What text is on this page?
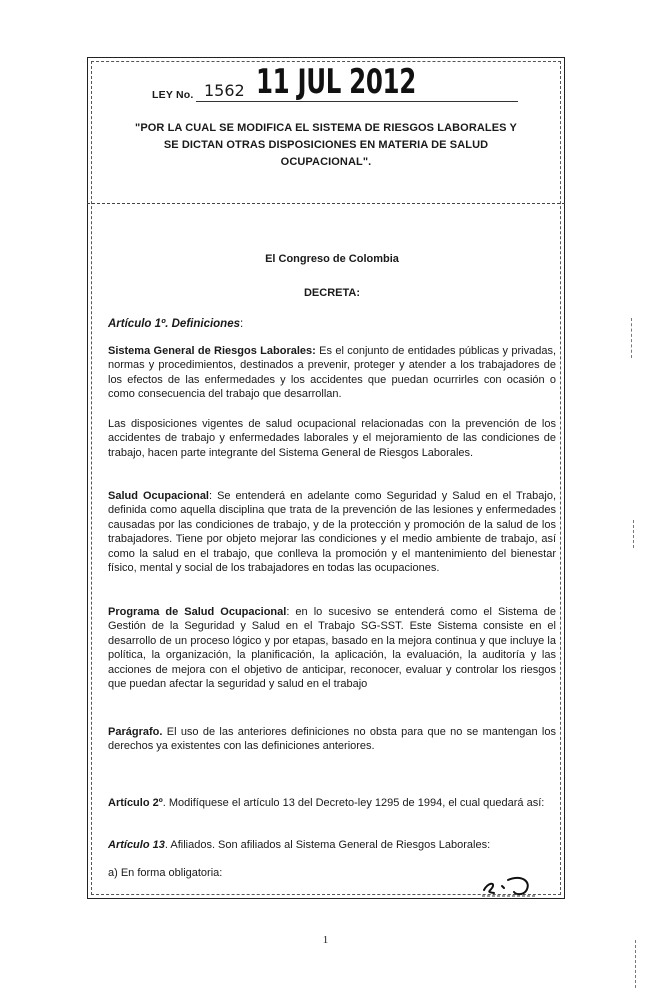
LEY No. 1562 11 JUL 2012
"POR LA CUAL SE MODIFICA EL SISTEMA DE RIESGOS LABORALES Y
SE DICTAN OTRAS DISPOSICIONES EN MATERIA DE SALUD
OCUPACIONAL".
El Congreso de Colombia
DECRETA:
Artículo 1º. Definiciones:
Sistema General de Riesgos Laborales: Es el conjunto de entidades públicas y privadas, normas y procedimientos, destinados a prevenir, proteger y atender a los trabajadores de los efectos de las enfermedades y los accidentes que puedan ocurrirles con ocasión o como consecuencia del trabajo que desarrollan.
Las disposiciones vigentes de salud ocupacional relacionadas con la prevención de los accidentes de trabajo y enfermedades laborales y el mejoramiento de las condiciones de trabajo, hacen parte integrante del Sistema General de Riesgos Laborales.
Salud Ocupacional: Se entenderá en adelante como Seguridad y Salud en el Trabajo, definida como aquella disciplina que trata de la prevención de las lesiones y enfermedades causadas por las condiciones de trabajo, y de la protección y promoción de la salud de los trabajadores. Tiene por objeto mejorar las condiciones y el medio ambiente de trabajo, así como la salud en el trabajo, que conlleva la promoción y el mantenimiento del bienestar físico, mental y social de los trabajadores en todas las ocupaciones.
Programa de Salud Ocupacional: en lo sucesivo se entenderá como el Sistema de Gestión de la Seguridad y Salud en el Trabajo SG-SST. Este Sistema consiste en el desarrollo de un proceso lógico y por etapas, basado en la mejora continua y que incluye la política, la organización, la planificación, la aplicación, la evaluación, la auditoría y las acciones de mejora con el objetivo de anticipar, reconocer, evaluar y controlar los riesgos que puedan afectar la seguridad y salud en el trabajo
Parágrafo. El uso de las anteriores definiciones no obsta para que no se mantengan los derechos ya existentes con las definiciones anteriores.
Artículo 2º. Modifíquese el artículo 13 del Decreto-ley 1295 de 1994, el cual quedará así:
Artículo 13. Afiliados. Son afiliados al Sistema General de Riesgos Laborales:
a) En forma obligatoria:
1
